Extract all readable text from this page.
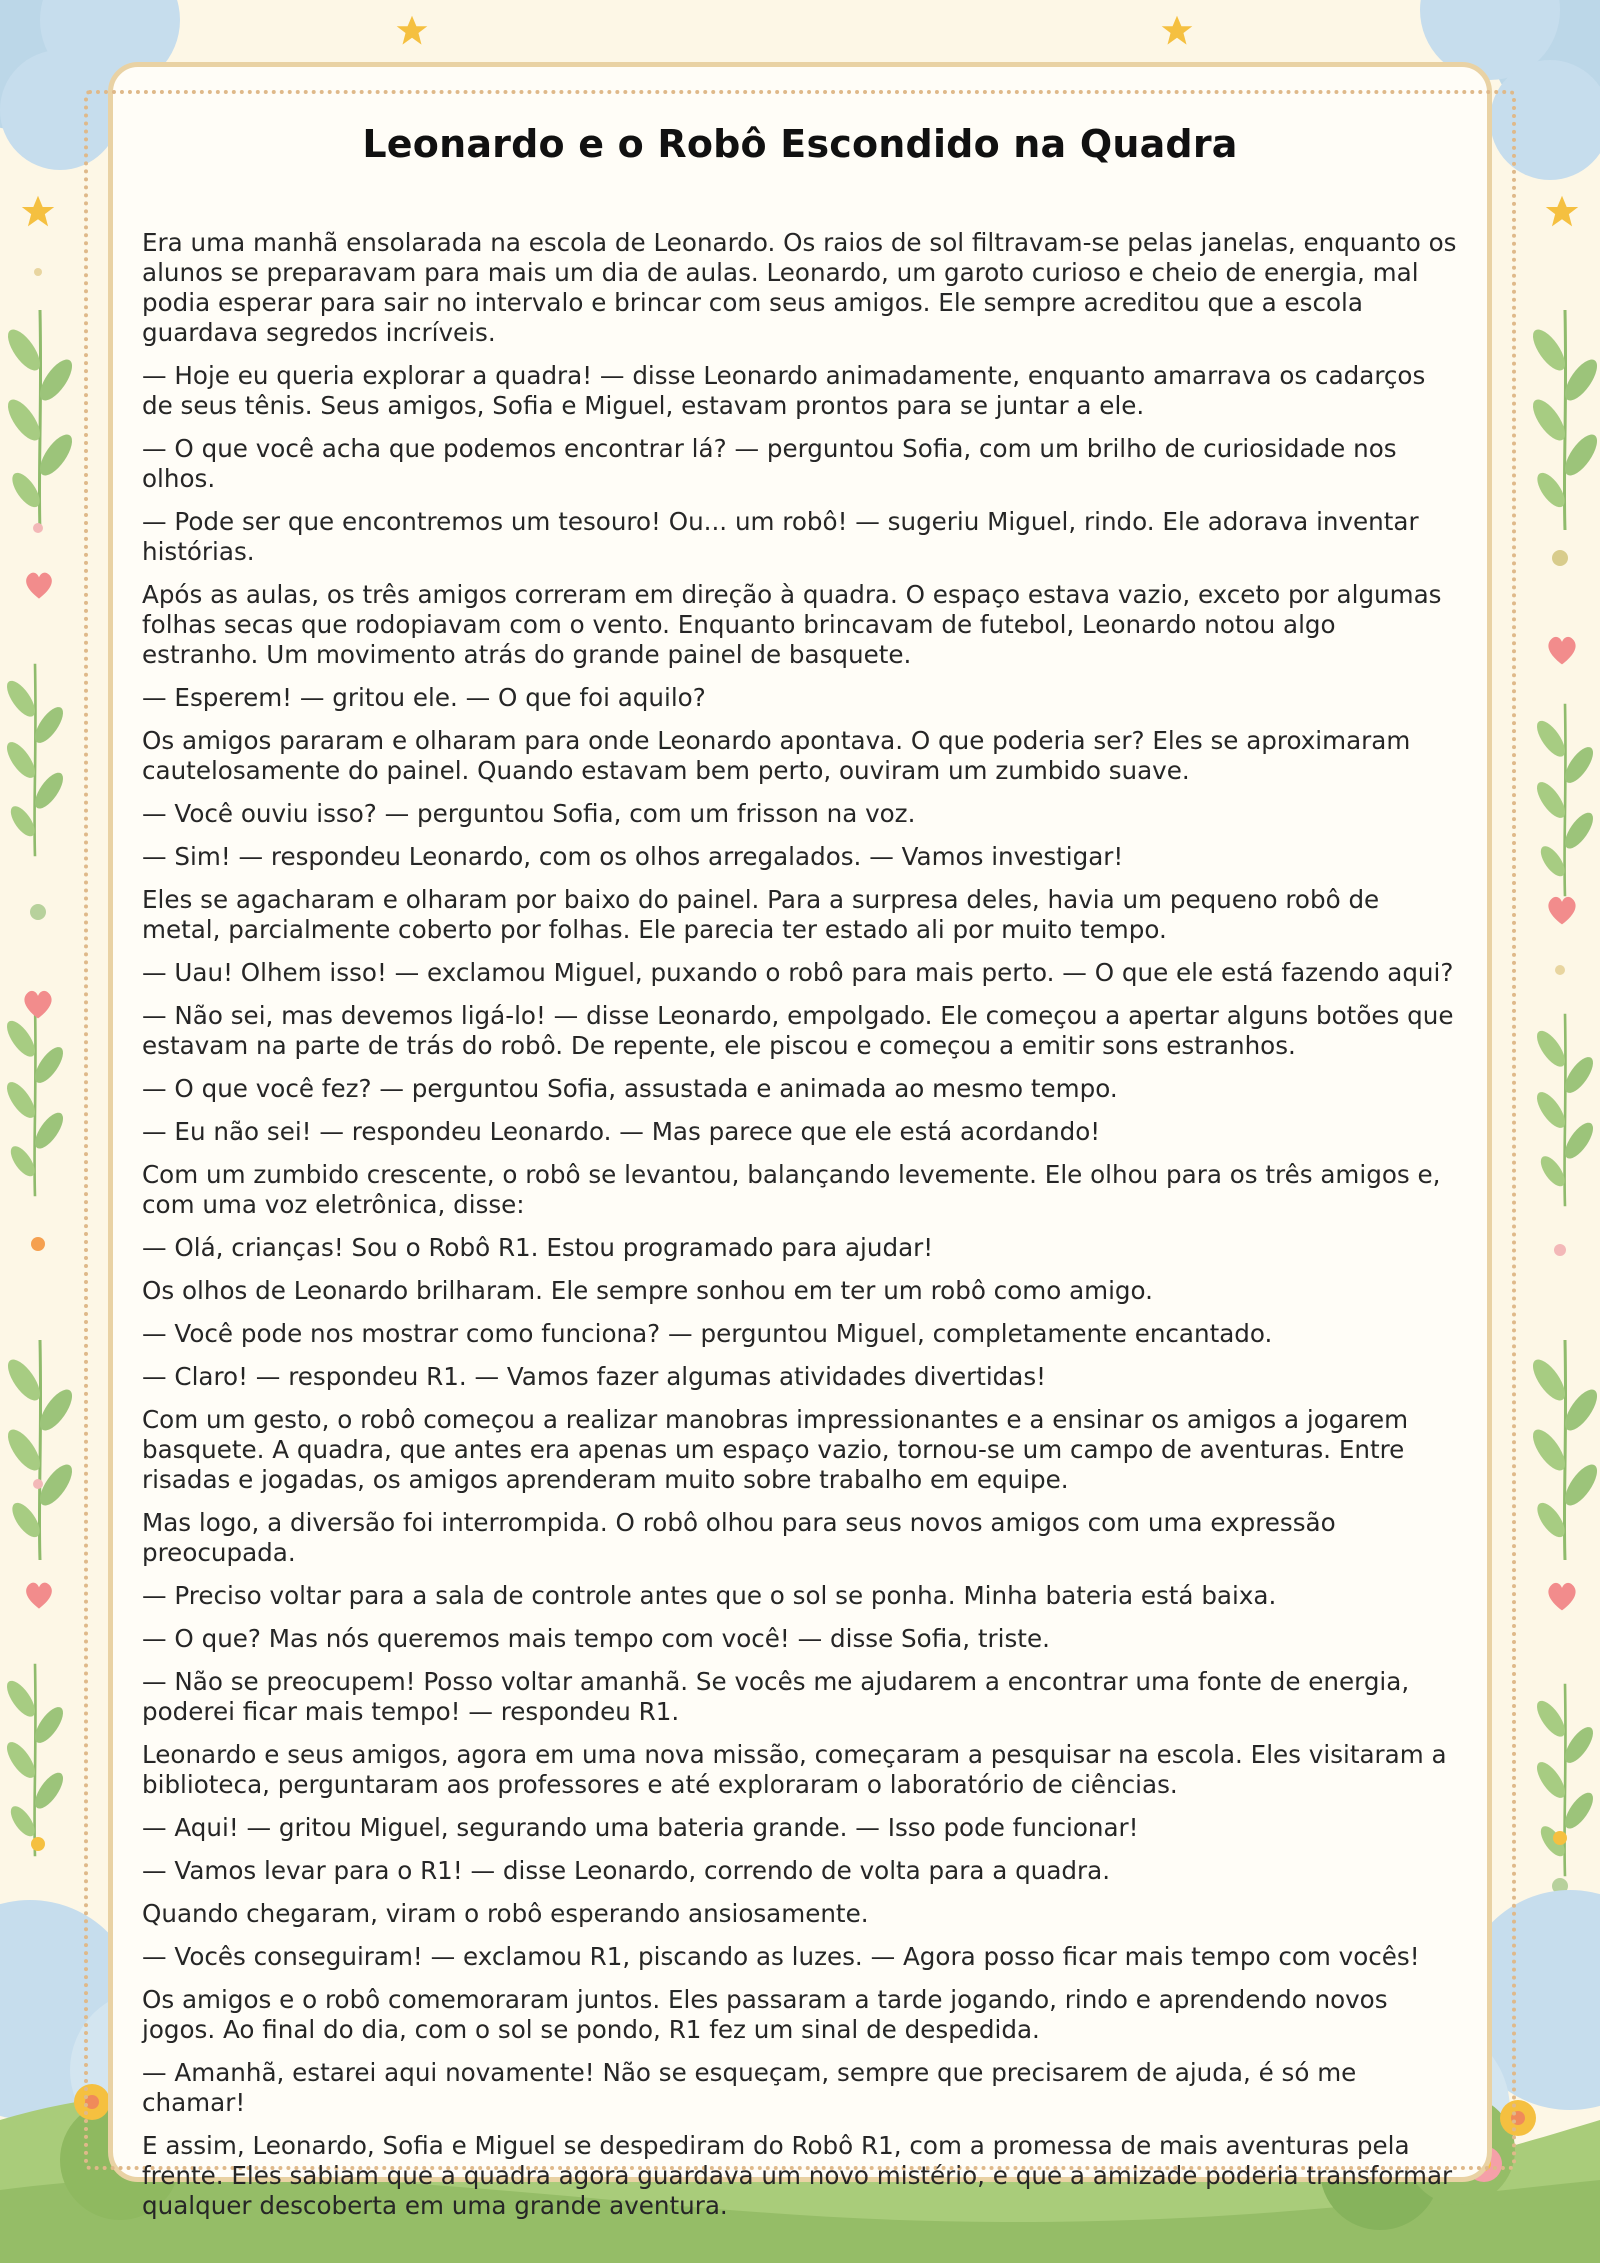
Leonardo e o Robô Escondido na Quadra

Era uma manhã ensolarada na escola de Leonardo. Os raios de sol filtravam-se pelas janelas, enquanto os alunos se preparavam para mais um dia de aulas. Leonardo, um garoto curioso e cheio de energia, mal podia esperar para sair no intervalo e brincar com seus amigos. Ele sempre acreditou que a escola guardava segredos incríveis.

— Hoje eu queria explorar a quadra! — disse Leonardo animadamente, enquanto amarrava os cadarços de seus tênis. Seus amigos, Sofia e Miguel, estavam prontos para se juntar a ele.

— O que você acha que podemos encontrar lá? — perguntou Sofia, com um brilho de curiosidade nos olhos.

— Pode ser que encontremos um tesouro! Ou... um robô! — sugeriu Miguel, rindo. Ele adorava inventar histórias.

Após as aulas, os três amigos correram em direção à quadra. O espaço estava vazio, exceto por algumas folhas secas que rodopiavam com o vento. Enquanto brincavam de futebol, Leonardo notou algo estranho. Um movimento atrás do grande painel de basquete.

— Esperem! — gritou ele. — O que foi aquilo?

Os amigos pararam e olharam para onde Leonardo apontava. O que poderia ser? Eles se aproximaram cautelosamente do painel. Quando estavam bem perto, ouviram um zumbido suave.

— Você ouviu isso? — perguntou Sofia, com um frisson na voz.

— Sim! — respondeu Leonardo, com os olhos arregalados. — Vamos investigar!

Eles se agacharam e olharam por baixo do painel. Para a surpresa deles, havia um pequeno robô de metal, parcialmente coberto por folhas. Ele parecia ter estado ali por muito tempo.

— Uau! Olhem isso! — exclamou Miguel, puxando o robô para mais perto. — O que ele está fazendo aqui?

— Não sei, mas devemos ligá-lo! — disse Leonardo, empolgado. Ele começou a apertar alguns botões que estavam na parte de trás do robô. De repente, ele piscou e começou a emitir sons estranhos.

— O que você fez? — perguntou Sofia, assustada e animada ao mesmo tempo.

— Eu não sei! — respondeu Leonardo. — Mas parece que ele está acordando!

Com um zumbido crescente, o robô se levantou, balançando levemente. Ele olhou para os três amigos e, com uma voz eletrônica, disse:

— Olá, crianças! Sou o Robô R1. Estou programado para ajudar!

Os olhos de Leonardo brilharam. Ele sempre sonhou em ter um robô como amigo.

— Você pode nos mostrar como funciona? — perguntou Miguel, completamente encantado.

— Claro! — respondeu R1. — Vamos fazer algumas atividades divertidas!

Com um gesto, o robô começou a realizar manobras impressionantes e a ensinar os amigos a jogarem basquete. A quadra, que antes era apenas um espaço vazio, tornou-se um campo de aventuras. Entre risadas e jogadas, os amigos aprenderam muito sobre trabalho em equipe.

Mas logo, a diversão foi interrompida. O robô olhou para seus novos amigos com uma expressão preocupada.

— Preciso voltar para a sala de controle antes que o sol se ponha. Minha bateria está baixa.

— O que? Mas nós queremos mais tempo com você! — disse Sofia, triste.

— Não se preocupem! Posso voltar amanhã. Se vocês me ajudarem a encontrar uma fonte de energia, poderei ficar mais tempo! — respondeu R1.

Leonardo e seus amigos, agora em uma nova missão, começaram a pesquisar na escola. Eles visitaram a biblioteca, perguntaram aos professores e até exploraram o laboratório de ciências.

— Aqui! — gritou Miguel, segurando uma bateria grande. — Isso pode funcionar!

— Vamos levar para o R1! — disse Leonardo, correndo de volta para a quadra.

Quando chegaram, viram o robô esperando ansiosamente.

— Vocês conseguiram! — exclamou R1, piscando as luzes. — Agora posso ficar mais tempo com vocês!

Os amigos e o robô comemoraram juntos. Eles passaram a tarde jogando, rindo e aprendendo novos jogos. Ao final do dia, com o sol se pondo, R1 fez um sinal de despedida.

— Amanhã, estarei aqui novamente! Não se esqueçam, sempre que precisarem de ajuda, é só me chamar!

E assim, Leonardo, Sofia e Miguel se despediram do Robô R1, com a promessa de mais aventuras pela frente. Eles sabiam que a quadra agora guardava um novo mistério, e que a amizade poderia transformar qualquer descoberta em uma grande aventura.
